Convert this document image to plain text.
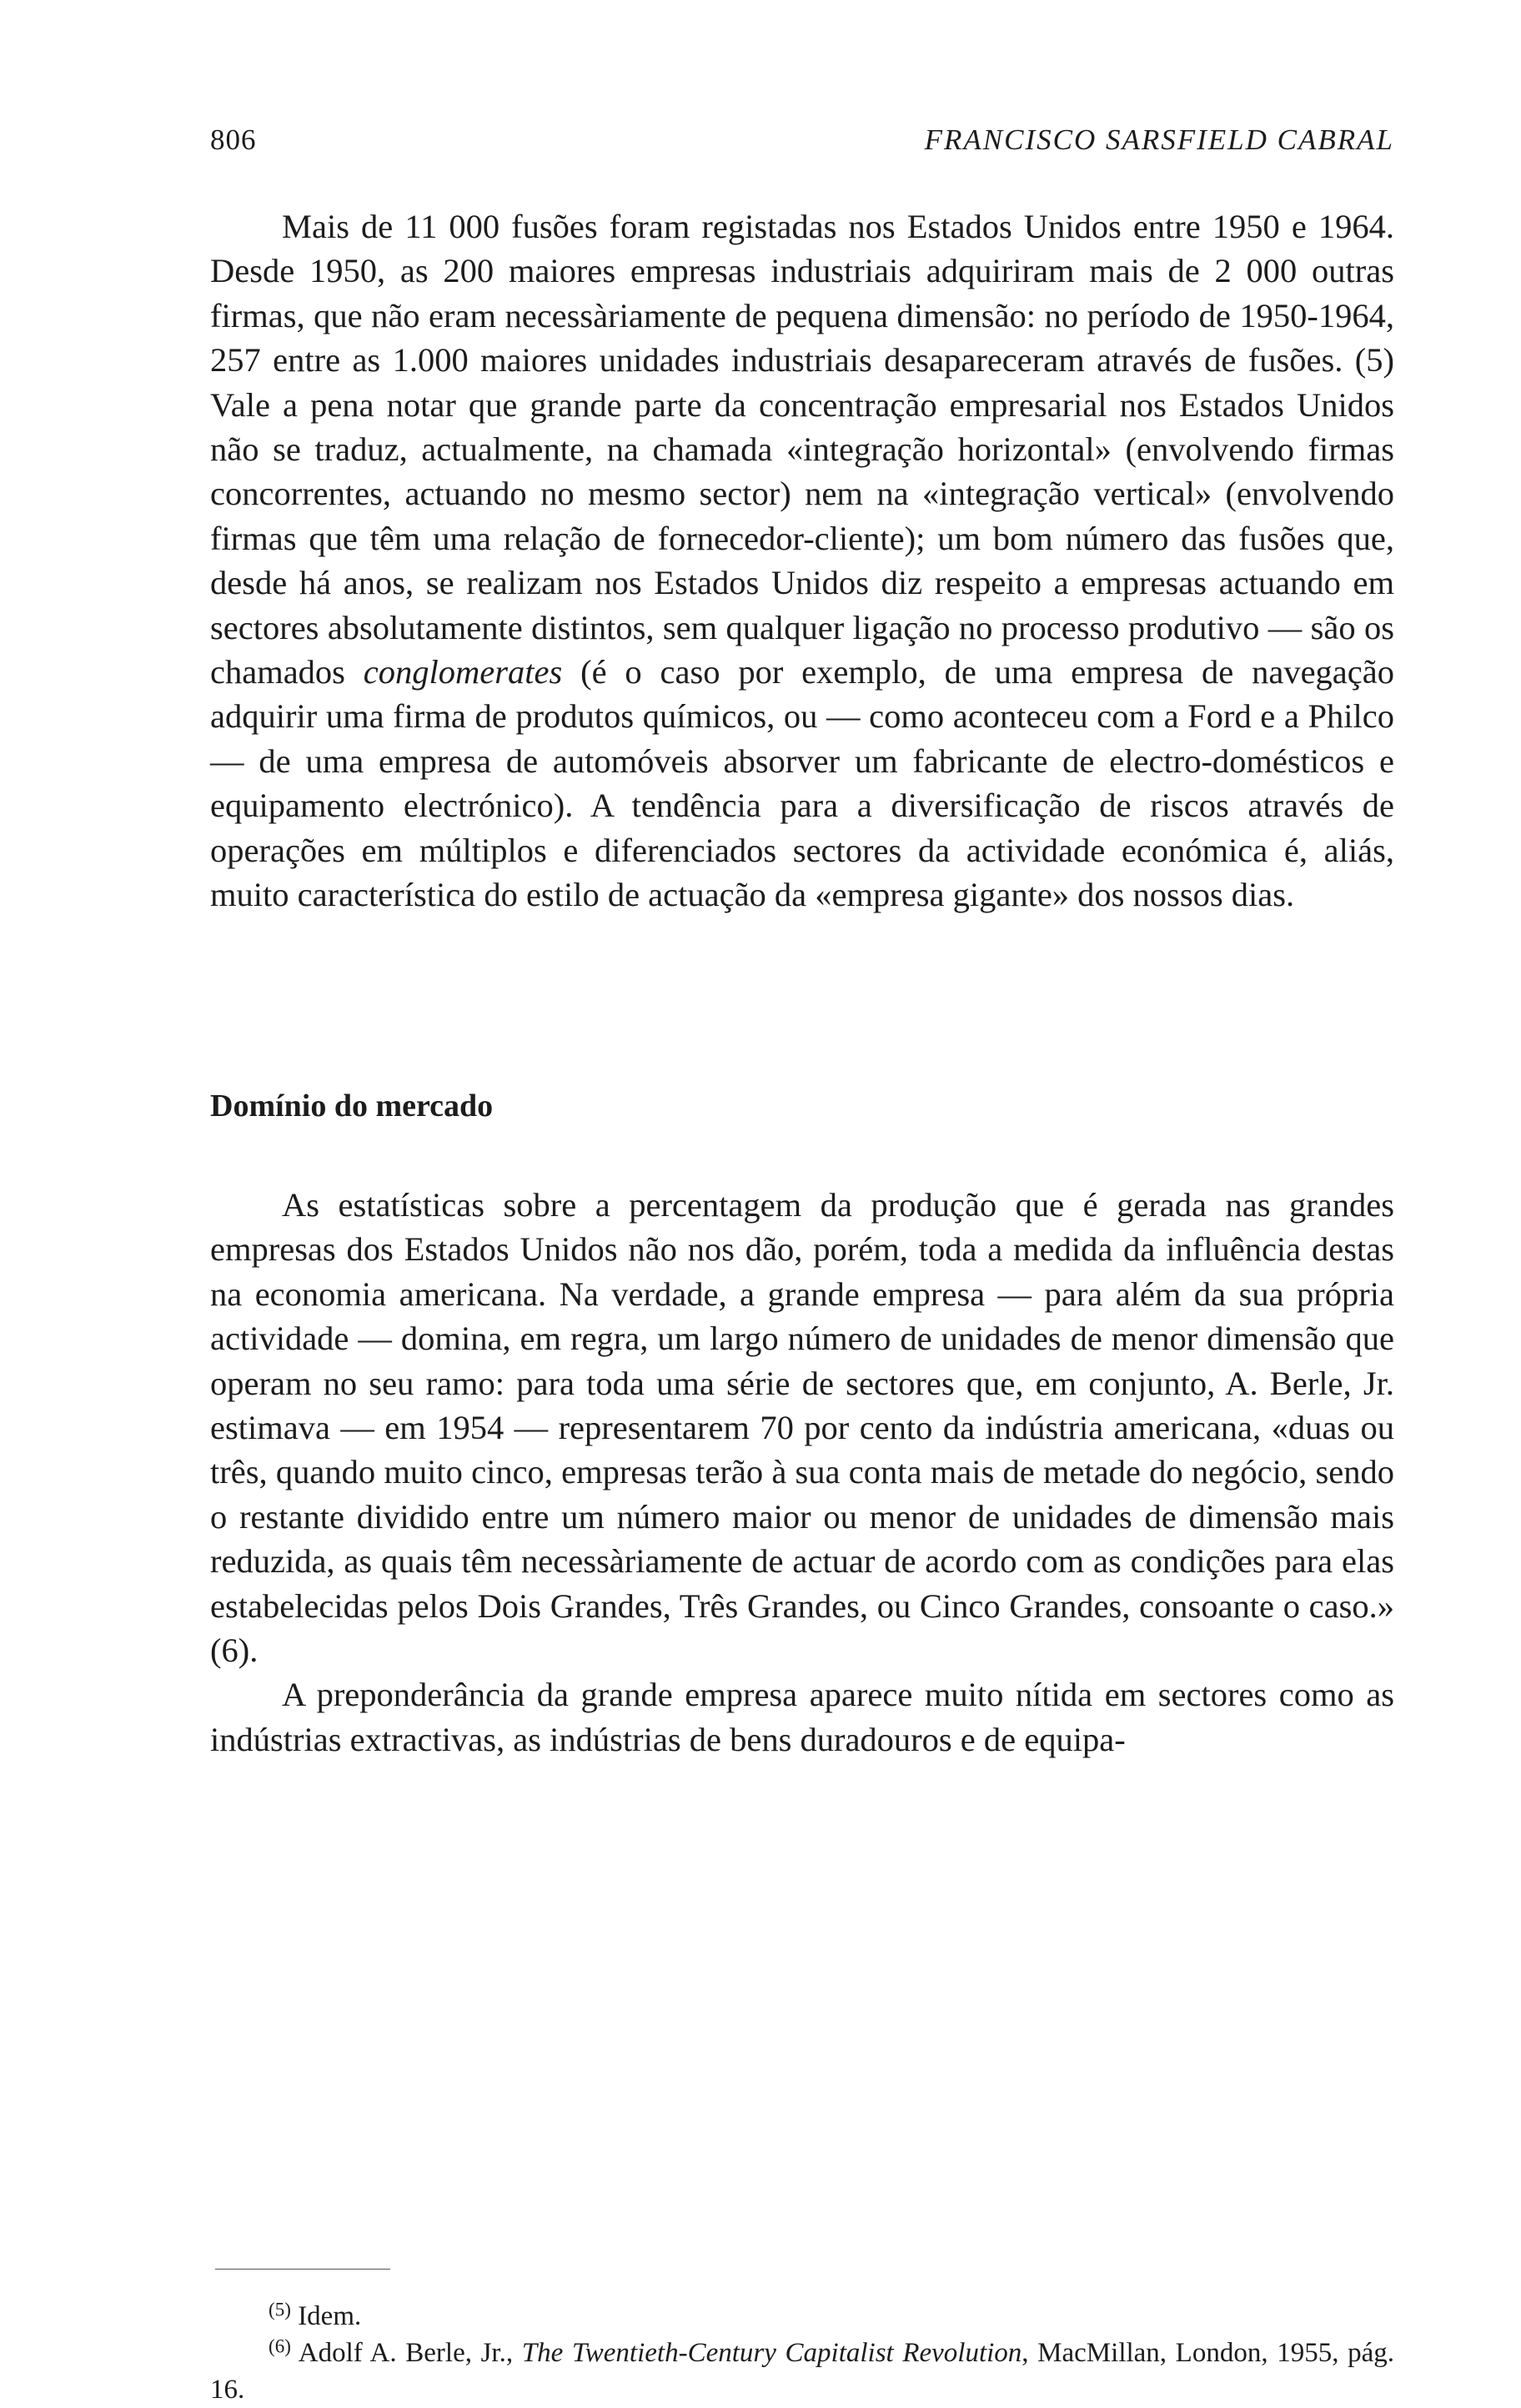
806	FRANCISCO SARSFIELD CABRAL

Mais de 11 000 fusões foram registadas nos Estados Unidos entre 1950 e 1964. Desde 1950, as 200 maiores empresas industriais adquiriram mais de 2 000 outras firmas, que não eram necessàriamente de pequena dimensão: no período de 1950-1964, 257 entre as 1.000 maiores unidades industriais desapareceram através de fusões. (5) Vale a pena notar que grande parte da concentração empresarial nos Estados Unidos não se traduz, actualmente, na chamada «integração horizontal» (envolvendo firmas concorrentes, actuando no mesmo sector) nem na «integração vertical» (envolvendo firmas que têm uma relação de fornecedor-cliente); um bom número das fusões que, desde há anos, se realizam nos Estados Unidos diz respeito a empresas actuando em sectores absolutamente distintos, sem qualquer ligação no processo produtivo — são os chamados conglomerates (é o caso por exemplo, de uma empresa de navegação adquirir uma firma de produtos químicos, ou — como aconteceu com a Ford e a Philco — de uma empresa de automóveis absorver um fabricante de electro-domésticos e equipamento electrónico). A tendência para a diversificação de riscos através de operações em múltiplos e diferenciados sectores da actividade económica é, aliás, muito característica do estilo de actuação da «empresa gigante» dos nossos dias.

Domínio do mercado

As estatísticas sobre a percentagem da produção que é gerada nas grandes empresas dos Estados Unidos não nos dão, porém, toda a medida da influência destas na economia americana. Na verdade, a grande empresa — para além da sua própria actividade — domina, em regra, um largo número de unidades de menor dimensão que operam no seu ramo: para toda uma série de sectores que, em conjunto, A. Berle, Jr. estimava — em 1954 — representarem 70 por cento da indústria americana, «duas ou três, quando muito cinco, empresas terão à sua conta mais de metade do negócio, sendo o restante dividido entre um número maior ou menor de unidades de dimensão mais reduzida, as quais têm necessàriamente de actuar de acordo com as condições para elas estabelecidas pelos Dois Grandes, Três Grandes, ou Cinco Grandes, consoante o caso.» (6).

A preponderância da grande empresa aparece muito nítida em sectores como as indústrias extractivas, as indústrias de bens duradouros e de equipa-

$^{(5)}$ Idem.

$^{(6)}$ Adolf A. Berle, Jr., The Twentieth-Century Capitalist Revolution, MacMillan, London, 1955, pág. 16.
